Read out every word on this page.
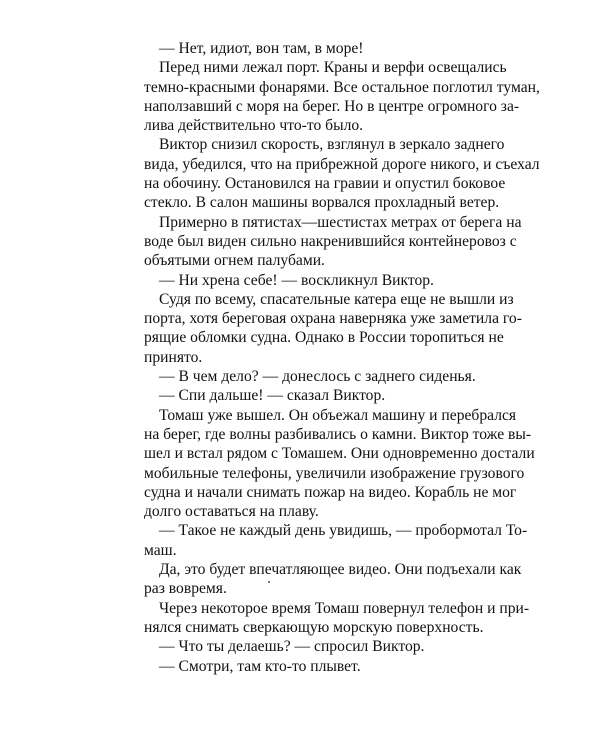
— Нет, идиот, вон там, в море!

Перед ними лежал порт. Краны и верфи освещались
темно-красными фонарями. Все остальное поглотил туман,
наползавший с моря на берег. Но в центре огромного за-
лива действительно что-то было.

Виктор снизил скорость, взглянул в зеркало заднего
вида, убедился, что на прибрежной дороге никого, и съехал
на обочину. Остановился на гравии и опустил боковое
стекло. В салон машины ворвался прохладный ветер.

Примерно в пятистах—шестистах метрах от берега на
воде был виден сильно накренившийся контейнеровоз с
объятыми огнем палубами.

— Ни хрена себе! — воскликнул Виктор.

Судя по всему, спасательные катера еще не вышли из
порта, хотя береговая охрана наверняка уже заметила го-
рящие обломки судна. Однако в России торопиться не
принято.

— В чем дело? — донеслось с заднего сиденья.

— Спи дальше! — сказал Виктор.

Томаш уже вышел. Он объежал машину и перебрался
на берег, где волны разбивались о камни. Виктор тоже вы-
шел и встал рядом с Томашем. Они одновременно достали
мобильные телефоны, увеличили изображение грузового
судна и начали снимать пожар на видео. Корабль не мог
долго оставаться на плаву.

— Такое не каждый день увидишь, — пробормотал То-
маш.

Да, это будет впечатляющее видео. Они подъехали как
раз вовремя.

Через некоторое время Томаш повернул телефон и при-
нялся снимать сверкающую морскую поверхность.

— Что ты делаешь? — спросил Виктор.

— Смотри, там кто-то плывет.
